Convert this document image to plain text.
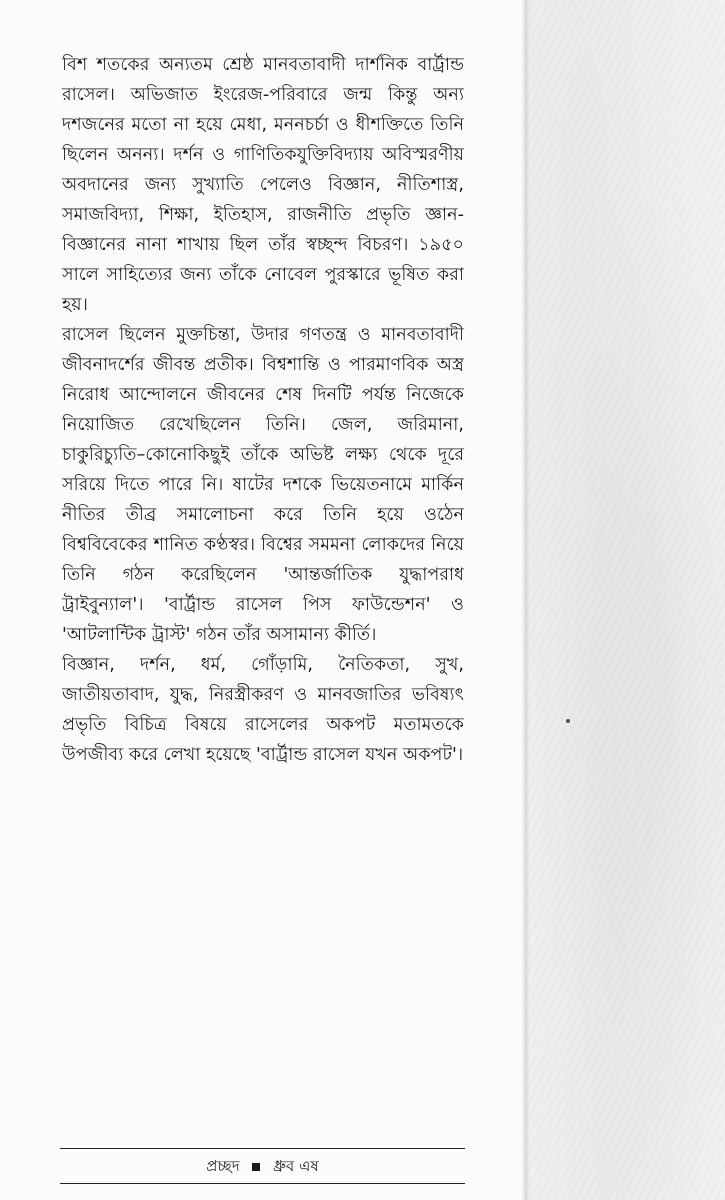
বিশ শতকের অন্যতম শ্রেষ্ঠ মানবতাবাদী দার্শনিক বার্ট্রান্ড রাসেল। অভিজাত ইংরেজ-পরিবারে জন্ম কিন্তু অন্য দশজনের মতো না হয়ে মেধা, মননচর্চা ও ধীশক্তিতে তিনি ছিলেন অনন্য। দর্শন ও গাণিতিকযুক্তিবিদ্যায় অবিস্মরণীয় অবদানের জন্য সুখ্যাতি পেলেও বিজ্ঞান, নীতিশাস্ত্র, সমাজবিদ্যা, শিক্ষা, ইতিহাস, রাজনীতি প্রভৃতি জ্ঞান-বিজ্ঞানের নানা শাখায় ছিল তাঁর স্বচ্ছন্দ বিচরণ। ১৯৫০ সালে সাহিত্যের জন্য তাঁকে নোবেল পুরস্কারে ভূষিত করা হয়।

রাসেল ছিলেন মুক্তচিন্তা, উদার গণতন্ত্র ও মানবতাবাদী জীবনাদর্শের জীবন্ত প্রতীক। বিশ্বশান্তি ও পারমাণবিক অস্ত্র নিরোধ আন্দোলনে জীবনের শেষ দিনটি পর্যন্ত নিজেকে নিয়োজিত রেখেছিলেন তিনি। জেল, জরিমানা, চাকুরিচ্যুতি–কোনোকিছুই তাঁকে অভিষ্ট লক্ষ্য থেকে দূরে সরিয়ে দিতে পারে নি। ষাটের দশকে ভিয়েতনামে মার্কিন নীতির তীব্র সমালোচনা করে তিনি হয়ে ওঠেন বিশ্ববিবেকের শানিত কণ্ঠস্বর। বিশ্বের সমমনা লোকদের নিয়ে তিনি গঠন করেছিলেন 'আন্তর্জাতিক যুদ্ধাপরাধ ট্রাইবুন্যাল'। 'বার্ট্রান্ড রাসেল পিস ফাউন্ডেশন' ও 'আটলান্টিক ট্রাস্ট' গঠন তাঁর অসামান্য কীর্তি।

বিজ্ঞান, দর্শন, ধর্ম, গোঁড়ামি, নৈতিকতা, সুখ, জাতীয়তাবাদ, যুদ্ধ, নিরস্ত্রীকরণ ও মানবজাতির ভবিষ্যৎ প্রভৃতি বিচিত্র বিষয়ে রাসেলের অকপট মতামতকে উপজীব্য করে লেখা হয়েছে 'বার্ট্রান্ড রাসেল যখন অকপট'।

প্রচ্ছদ ধ্রুব এষ
